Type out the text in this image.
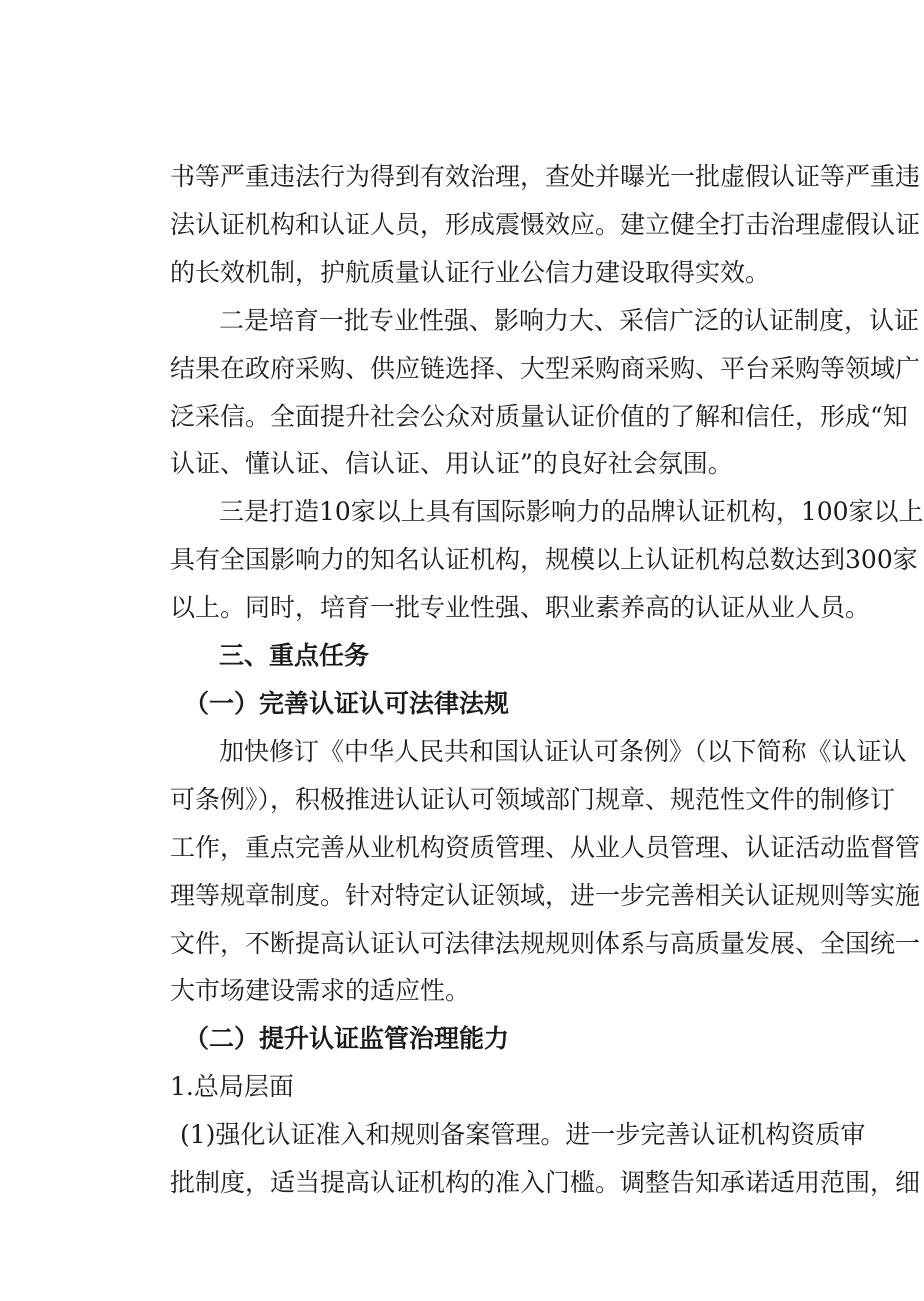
书等严重违法行为得到有效治理，查处并曝光一批虚假认证等严重违
法认证机构和认证人员，形成震慑效应。建立健全打击治理虚假认证
的长效机制，护航质量认证行业公信力建设取得实效。
二是培育一批专业性强、影响力大、采信广泛的认证制度，认证
结果在政府采购、供应链选择、大型采购商采购、平台采购等领域广
泛采信。全面提升社会公众对质量认证价值的了解和信任，形成“知
认证、懂认证、信认证、用认证”的良好社会氛围。
三是打造10家以上具有国际影响力的品牌认证机构，100家以上
具有全国影响力的知名认证机构，规模以上认证机构总数达到300家
以上。同时，培育一批专业性强、职业素养高的认证从业人员。
三、重点任务
（一）完善认证认可法律法规
加快修订《中华人民共和国认证认可条例》（以下简称《认证认
可条例》），积极推进认证认可领域部门规章、规范性文件的制修订
工作，重点完善从业机构资质管理、从业人员管理、认证活动监督管
理等规章制度。针对特定认证领域，进一步完善相关认证规则等实施
文件，不断提高认证认可法律法规规则体系与高质量发展、全国统一
大市场建设需求的适应性。
（二）提升认证监管治理能力
1.总局层面
(1)强化认证准入和规则备案管理。进一步完善认证机构资质审
批制度，适当提高认证机构的准入门槛。调整告知承诺适用范围，细
